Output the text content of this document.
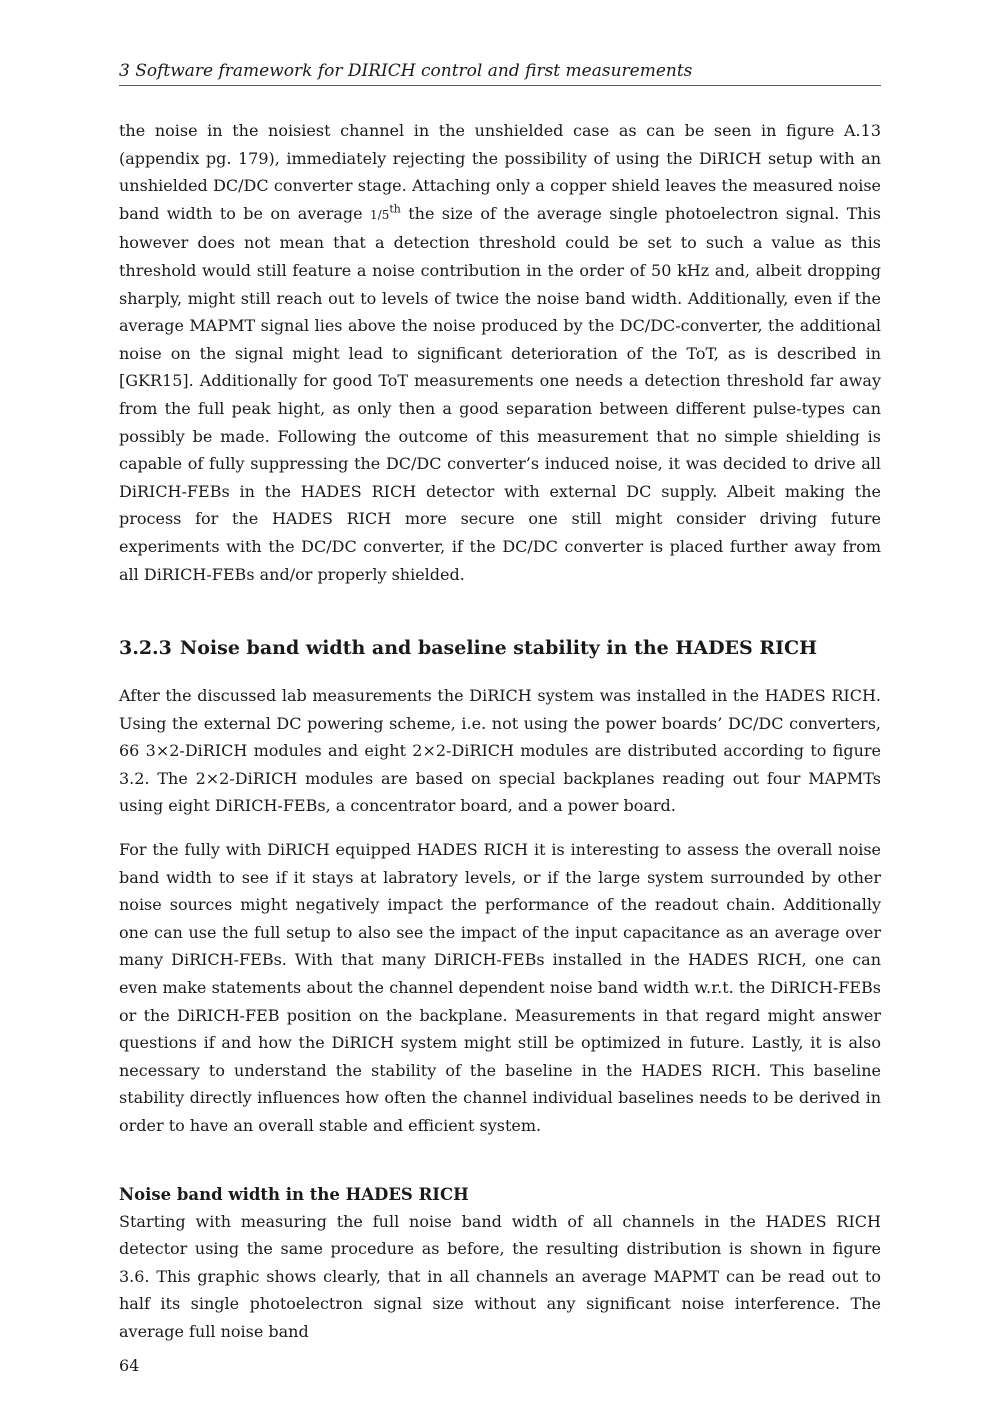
3 Software framework for DIRICH control and first measurements

the noise in the noisiest channel in the unshielded case as can be seen in figure A.13 (appendix pg. 179), immediately rejecting the possibility of using the DiRICH setup with an unshielded DC/DC converter stage. Attaching only a copper shield leaves the measured noise band width to be on average 1/5th the size of the average single photoelectron signal. This however does not mean that a detection threshold could be set to such a value as this threshold would still feature a noise contribution in the order of 50 kHz and, albeit dropping sharply, might still reach out to levels of twice the noise band width. Additionally, even if the average MAPMT signal lies above the noise produced by the DC/DC-converter, the additional noise on the signal might lead to significant deterioration of the ToT, as is described in [GKR15]. Additionally for good ToT measurements one needs a detection threshold far away from the full peak hight, as only then a good separation between different pulse-types can possibly be made. Following the outcome of this measurement that no simple shielding is capable of fully suppressing the DC/DC converter’s induced noise, it was decided to drive all DiRICH-FEBs in the HADES RICH detector with external DC supply. Albeit making the process for the HADES RICH more secure one still might consider driving future experiments with the DC/DC converter, if the DC/DC converter is placed further away from all DiRICH-FEBs and/or properly shielded.

3.2.3 Noise band width and baseline stability in the HADES RICH

After the discussed lab measurements the DiRICH system was installed in the HADES RICH. Using the external DC powering scheme, i.e. not using the power boards’ DC/DC converters, 66 3×2-DiRICH modules and eight 2×2-DiRICH modules are distributed according to figure 3.2. The 2×2-DiRICH modules are based on special backplanes reading out four MAPMTs using eight DiRICH-FEBs, a concentrator board, and a power board.

For the fully with DiRICH equipped HADES RICH it is interesting to assess the overall noise band width to see if it stays at labratory levels, or if the large system surrounded by other noise sources might negatively impact the performance of the readout chain. Additionally one can use the full setup to also see the impact of the input capacitance as an average over many DiRICH-FEBs. With that many DiRICH-FEBs installed in the HADES RICH, one can even make statements about the channel dependent noise band width w.r.t. the DiRICH-FEBs or the DiRICH-FEB position on the backplane. Measurements in that regard might answer questions if and how the DiRICH system might still be optimized in future. Lastly, it is also necessary to understand the stability of the baseline in the HADES RICH. This baseline stability directly influences how often the channel individual baselines needs to be derived in order to have an overall stable and efficient system.

Noise band width in the HADES RICH

Starting with measuring the full noise band width of all channels in the HADES RICH detector using the same procedure as before, the resulting distribution is shown in figure 3.6. This graphic shows clearly, that in all channels an average MAPMT can be read out to half its single photoelectron signal size without any significant noise interference. The average full noise band

64
